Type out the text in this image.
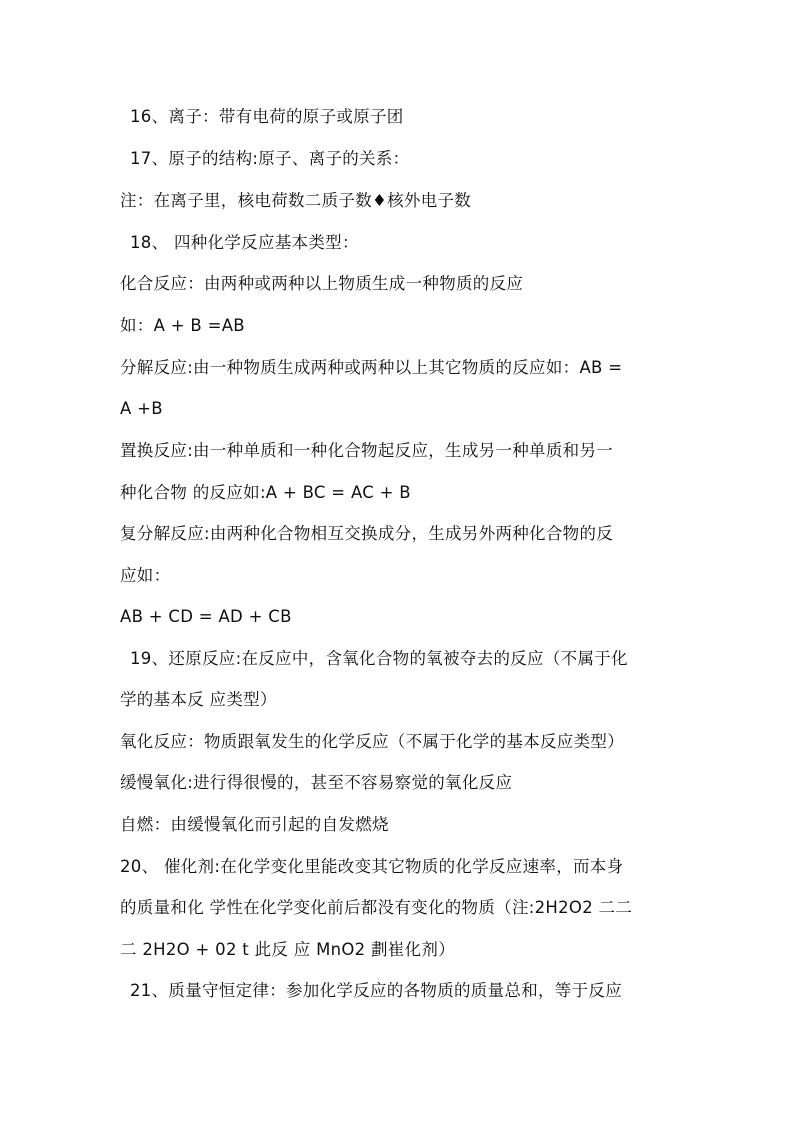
16、离子：带有电荷的原子或原子团
17、原子的结构:原子、离子的关系：
注：在离子里，核电荷数二质子数♦核外电子数
18、 四种化学反应基本类型：
化合反应：由两种或两种以上物质生成一种物质的反应
如：A + B =AB
分解反应:由一种物质生成两种或两种以上其它物质的反应如：AB =
A +B
置换反应:由一种单质和一种化合物起反应，生成另一种单质和另一
种化合物 的反应如:A + BC = AC + B
复分解反应:由两种化合物相互交换成分，生成另外两种化合物的反
应如：
AB + CD = AD + CB
19、还原反应:在反应中，含氧化合物的氧被夺去的反应（不属于化
学的基本反 应类型）
氧化反应：物质跟氧发生的化学反应（不属于化学的基本反应类型）
缓慢氧化:进行得很慢的，甚至不容易察觉的氧化反应
自燃：由缓慢氧化而引起的自发燃烧
20、 催化剂:在化学变化里能改变其它物质的化学反应速率，而本身
的质量和化 学性在化学变化前后都没有变化的物质（注:2H2O2 二二
二 2H2O + 02 t 此反 应 MnO2 劃崔化剂）
21、质量守恒定律：参加化学反应的各物质的质量总和，等于反应
